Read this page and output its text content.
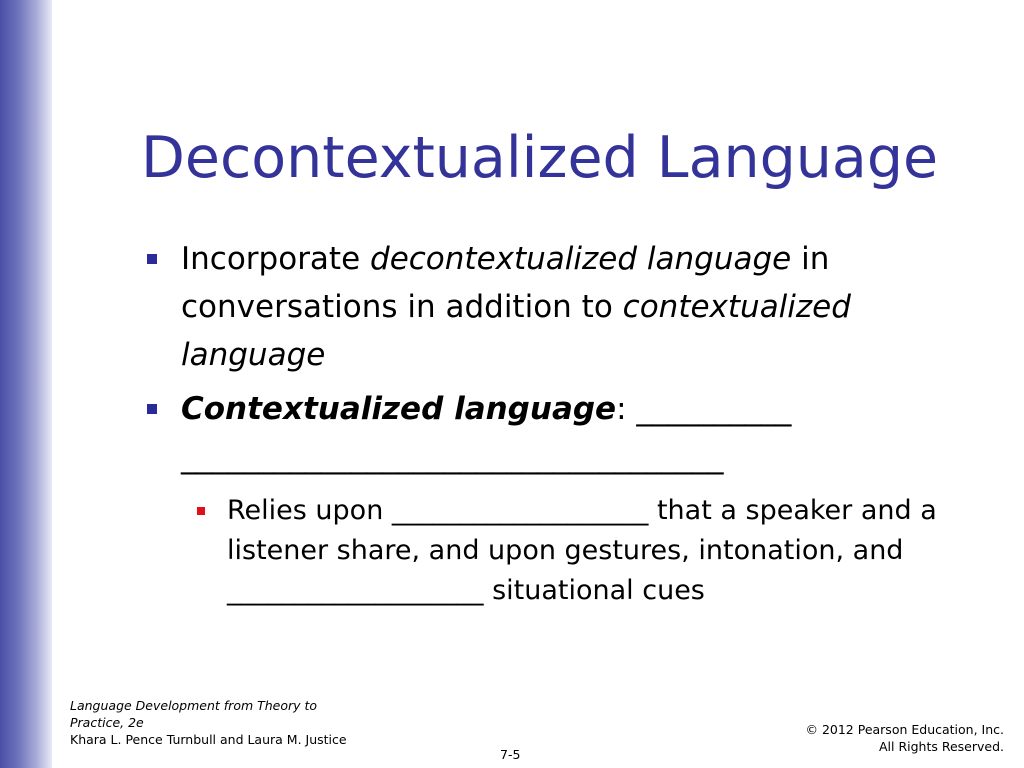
Decontextualized Language
Incorporate decontextualized language in conversations in addition to contextualized language
Contextualized language: __________ ___________________________________
Relies upon ___________________ that a speaker and a listener share, and upon gestures, intonation, and ___________________ situational cues
Language Development from Theory to Practice, 2e
Khara L. Pence Turnbull and Laura M. Justice
© 2012 Pearson Education, Inc.
All Rights Reserved.
7-5
